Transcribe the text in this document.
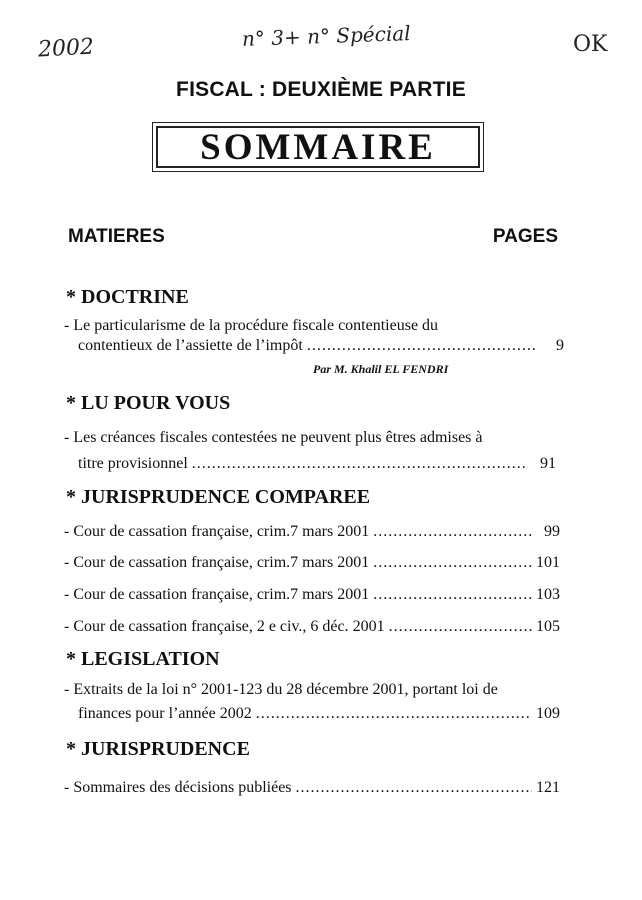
2002	n° 3+ n° Spécial	OK
FISCAL : DEUXIÈME PARTIE
SOMMAIRE
MATIERES	PAGES
* DOCTRINE
- Le particularisme de la procédure fiscale contentieuse du
contentieux de l’assiette de l’impôt .....	9
Par M. Khalil EL FENDRI
* LU POUR VOUS
- Les créances fiscales contestées ne peuvent plus êtres admises à
titre provisionnel .....	91
* JURISPRUDENCE COMPAREE
- Cour de cassation française, crim.7 mars 2001 .....	99
- Cour de cassation française, crim.7 mars 2001 .....	101
- Cour de cassation française, crim.7 mars 2001 .....	103
- Cour de cassation française, 2 e civ., 6 déc. 2001 .....	105
* LEGISLATION
- Extraits de la loi n° 2001-123 du 28 décembre 2001, portant loi de
finances pour l’année 2002 .....	109
* JURISPRUDENCE
- Sommaires des décisions publiées .....	121
